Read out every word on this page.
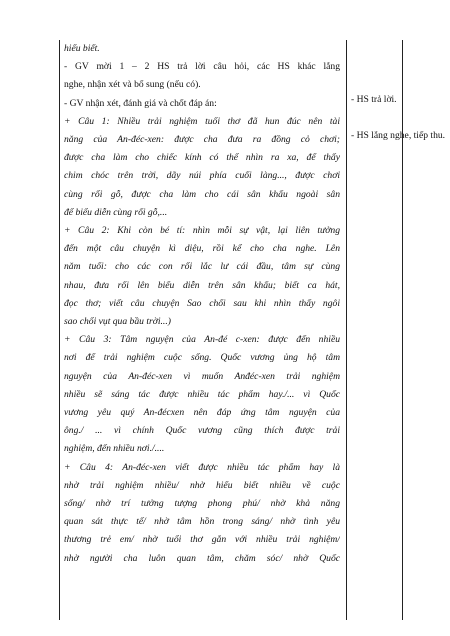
hiểu biết.
- GV mời 1 – 2 HS trả lời câu hỏi, các HS khác lắng
nghe, nhận xét và bổ sung (nếu có).
- GV nhận xét, đánh giá và chốt đáp án:
+ Câu 1: Nhiều trải nghiệm tuổi thơ đã hun đúc nên tài
năng của An-đéc-xen: được cha đưa ra đồng cỏ chơi;
được cha làm cho chiếc kính có thể nhìn ra xa, để thấy
chim chóc trên trời, dãy núi phía cuối làng..., được chơi
cùng rối gỗ, được cha làm cho cái sân khấu ngoài sân
để biểu diễn cùng rối gỗ,...
+ Câu 2: Khi còn bé tí: nhìn mỗi sự vật, lại liên tưởng
đến một câu chuyện kì diệu, rồi kể cho cha nghe. Lên
năm tuổi: cho các con rối lắc lư cái đầu, tâm sự cùng
nhau, đưa rối lên biểu diễn trên sân khấu; biết ca hát,
đọc thơ; viết câu chuyện Sao chổi sau khi nhìn thấy ngôi
sao chổi vụt qua bầu trời...)
+ Câu 3: Tâm nguyện của An-đé c-xen: được đến nhiều
nơi để trải nghiệm cuộc sống. Quốc vương ủng hộ tâm
nguyện của An-đéc-xen vì muốn Anđéc-xen trải nghiệm
nhiều sẽ sáng tác được nhiều tác phẩm hay./... vì Quốc
vương yêu quý An-đécxen nên đáp ứng tâm nguyện của
ông./ ... vì chính Quốc vương cũng thích được trải
nghiệm, đến nhiều nơi./....
+ Câu 4: An-đéc-xen viết được nhiều tác phẩm hay là
nhờ trải nghiệm nhiều/ nhờ hiểu biết nhiều về cuộc
sống/ nhờ trí tưởng tượng phong phú/ nhờ khả năng
quan sát thực tế/ nhờ tâm hồn trong sáng/ nhờ tình yêu
thương trẻ em/ nhờ tuổi thơ gắn với nhiều trải nghiệm/
nhờ người cha luôn quan tâm, chăm sóc/ nhờ Quốc
- HS trả lời.
- HS lắng nghe, tiếp thu.
